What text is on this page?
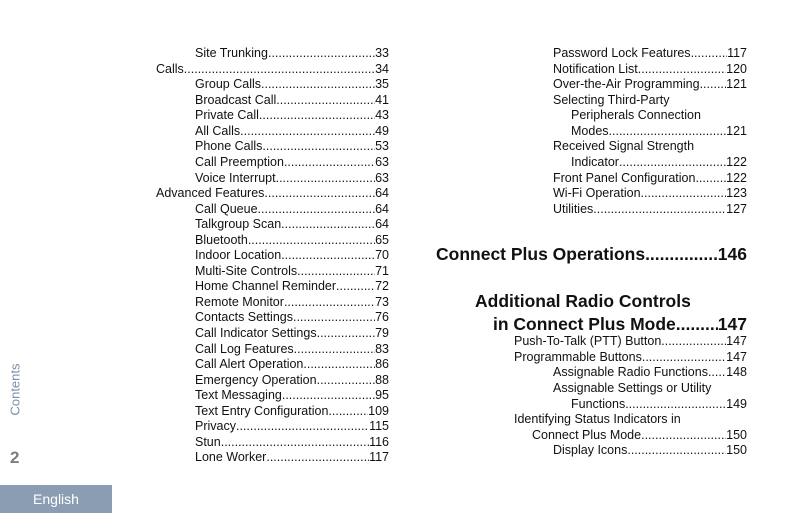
Contents
2
English
Site Trunking .....	33
Calls .....	34
Group Calls .....	35
Broadcast Call .....	41
Private Call .....	43
All Calls .....	49
Phone Calls .....	53
Call Preemption .....	63
Voice Interrupt .....	63
Advanced Features .....	64
Call Queue .....	64
Talkgroup Scan .....	64
Bluetooth .....	65
Indoor Location .....	70
Multi-Site Controls .....	71
Home Channel Reminder .....	72
Remote Monitor .....	73
Contacts Settings .....	76
Call Indicator Settings .....	79
Call Log Features .....	83
Call Alert Operation .....	86
Emergency Operation .....	88
Text Messaging .....	95
Text Entry Configuration .....	109
Privacy .....	115
Stun .....	116
Lone Worker .....	117
Password Lock Features .....	117
Notification List .....	120
Over-the-Air Programming ..... 121
Selecting Third-Party
Peripherals Connection
Modes .....	121
Received Signal Strength
Indicator .....	122
Front Panel Configuration ..... 122
Wi-Fi Operation .....	123
Utilities .....	127
Connect Plus Operations .....	146
Additional Radio Controls
in Connect Plus Mode ..... 147
Push-To-Talk (PTT) Button .....	147
Programmable Buttons .....	147
Assignable Radio Functions ..... 148
Assignable Settings or Utility
Functions .....	149
Identifying Status Indicators in
Connect Plus Mode .....	150
Display Icons .....	150
